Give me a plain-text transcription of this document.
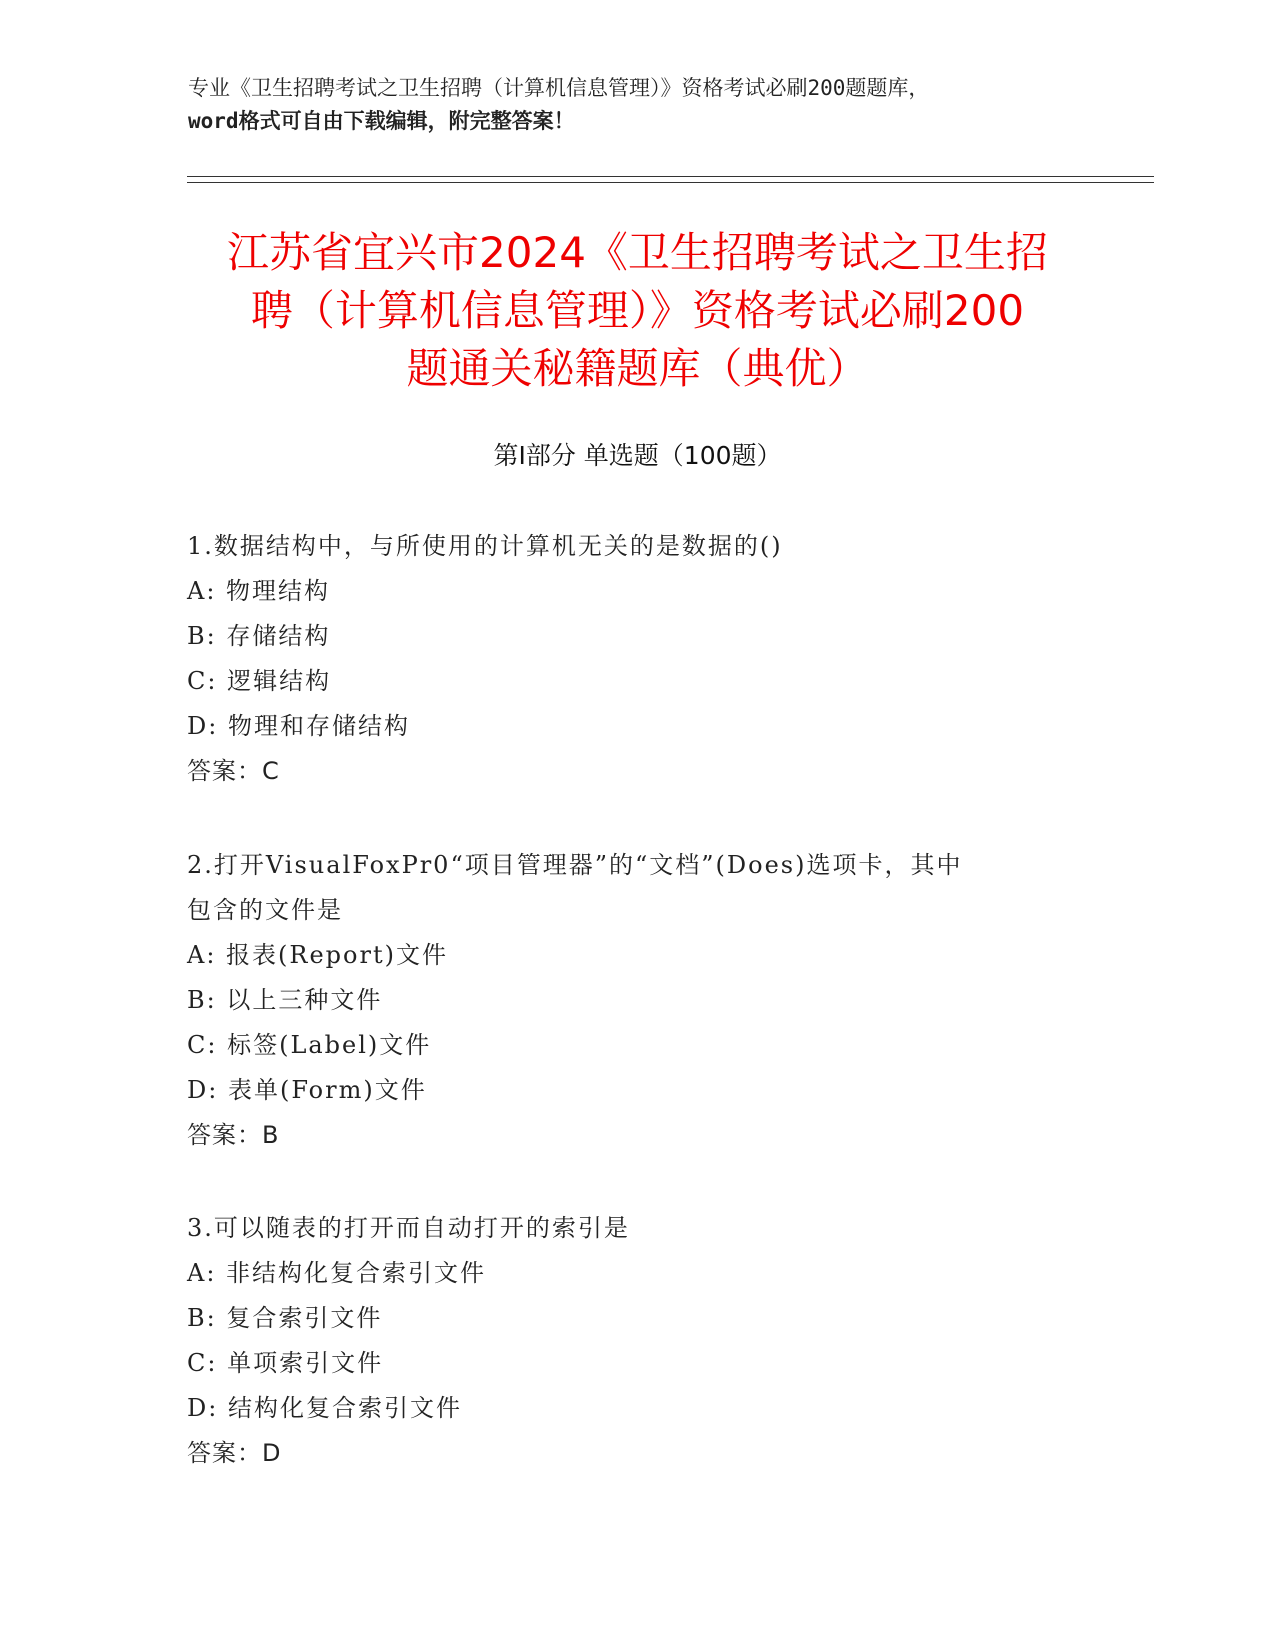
专业《卫生招聘考试之卫生招聘（计算机信息管理）》资格考试必刷200题题库，
word格式可自由下载编辑，附完整答案！
江苏省宜兴市2024《卫生招聘考试之卫生招
聘（计算机信息管理）》资格考试必刷200
题通关秘籍题库（典优）
第Ⅰ部分 单选题（100题）
1.数据结构中，与所使用的计算机无关的是数据的()
A: 物理结构
B: 存储结构
C: 逻辑结构
D: 物理和存储结构
答案：C
2.打开VisualFoxPr0“项目管理器”的“文档”(Does)选项卡，其中
包含的文件是
A: 报表(Report)文件
B: 以上三种文件
C: 标签(Label)文件
D: 表单(Form)文件
答案：B
3.可以随表的打开而自动打开的索引是
A: 非结构化复合索引文件
B: 复合索引文件
C: 单项索引文件
D: 结构化复合索引文件
答案：D
